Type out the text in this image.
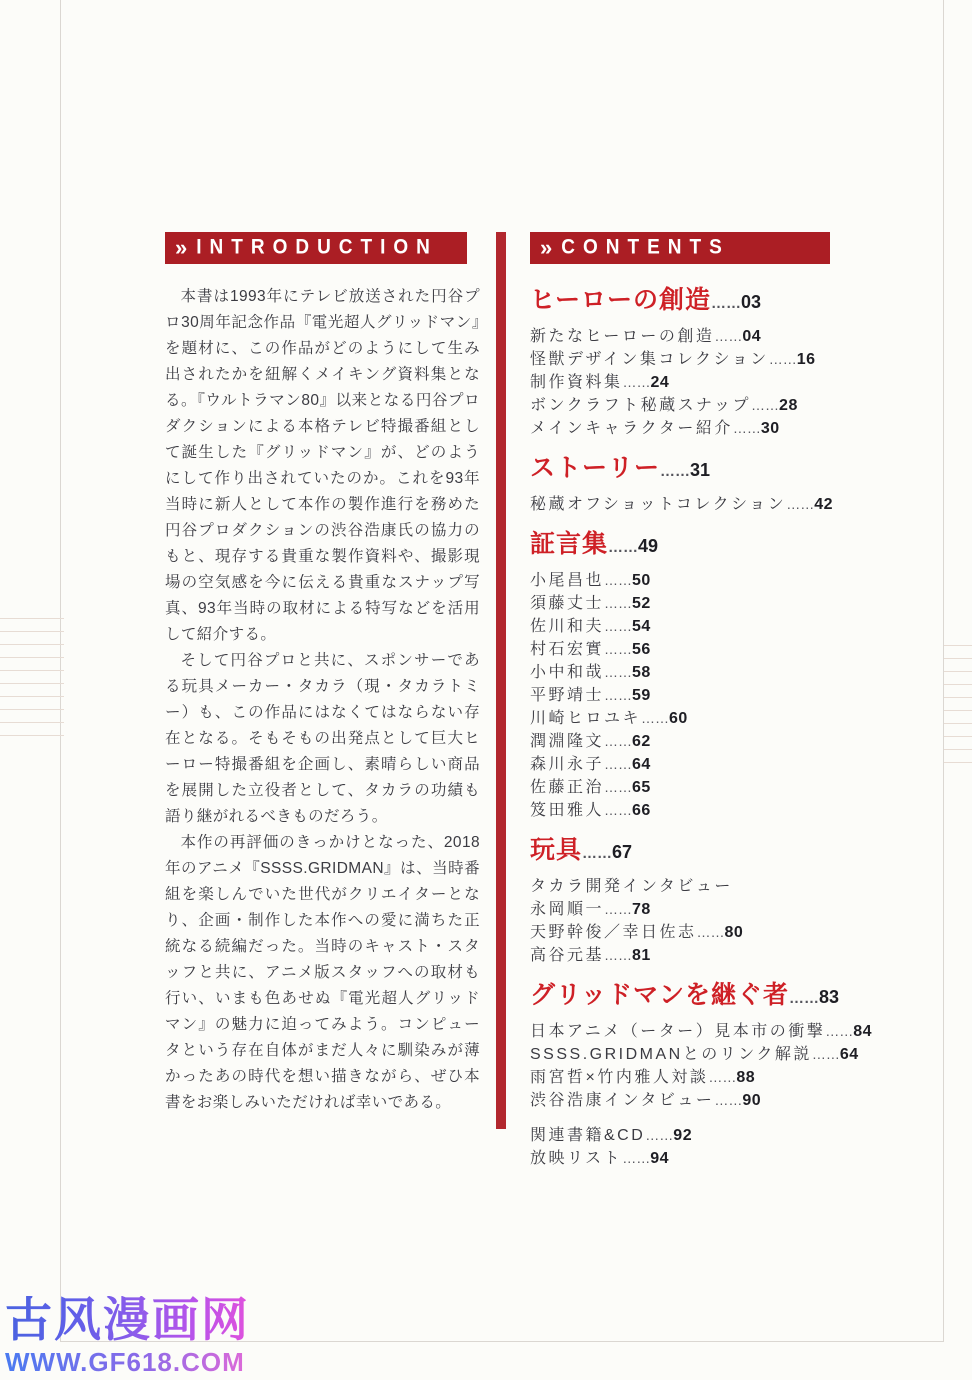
» INTRODUCTION

本書は1993年にテレビ放送された円谷プロ30周年記念作品『電光超人グリッドマン』を題材に、この作品がどのようにして生み出されたかを紐解くメイキング資料集となる。『ウルトラマン80』以来となる円谷プロダクションによる本格テレビ特撮番組として誕生した『グリッドマン』が、どのようにして作り出されていたのか。これを93年当時に新人として本作の製作進行を務めた円谷プロダクションの渋谷浩康氏の協力のもと、現存する貴重な製作資料や、撮影現場の空気感を今に伝える貴重なスナップ写真、93年当時の取材による特写などを活用して紹介する。

そして円谷プロと共に、スポンサーである玩具メーカー・タカラ（現・タカラトミー）も、この作品にはなくてはならない存在となる。そもそもの出発点として巨大ヒーロー特撮番組を企画し、素晴らしい商品を展開した立役者として、タカラの功績も語り継がれるべきものだろう。

本作の再評価のきっかけとなった、2018年のアニメ『SSSS.GRIDMAN』は、当時番組を楽しんでいた世代がクリエイターとなり、企画・制作した本作への愛に満ちた正統なる続編だった。当時のキャスト・スタッフと共に、アニメ版スタッフへの取材も行い、いまも色あせぬ『電光超人グリッドマン』の魅力に迫ってみよう。コンピュータという存在自体がまだ人々に馴染みが薄かったあの時代を想い描きながら、ぜひ本書をお楽しみいただければ幸いである。

» CONTENTS
ヒーローの創造……03
新たなヒーローの創造……04
怪獣デザイン集コレクション……16
制作資料集……24
ボンクラフト秘蔵スナップ……28
メインキャラクター紹介……30
ストーリー……31
秘蔵オフショットコレクション……42
証言集……49
小尾昌也……50
須藤丈士……52
佐川和夫……54
村石宏實……56
小中和哉……58
平野靖士……59
川崎ヒロユキ……60
潤淵隆文……62
森川永子……64
佐藤正治……65
笈田雅人……66
玩具……67
タカラ開発インタビュー
永岡順一……78
天野幹俊／幸日佐志……80
高谷元基……81
グリッドマンを継ぐ者……83
日本アニメ（ーター）見本市の衝撃……84
SSSS.GRIDMANとのリンク解説……64
雨宮哲×竹内雅人対談……88
渋谷浩康インタビュー……90
関連書籍&CD……92
放映リスト……94
古风漫画网
WWW.GF618.COM
